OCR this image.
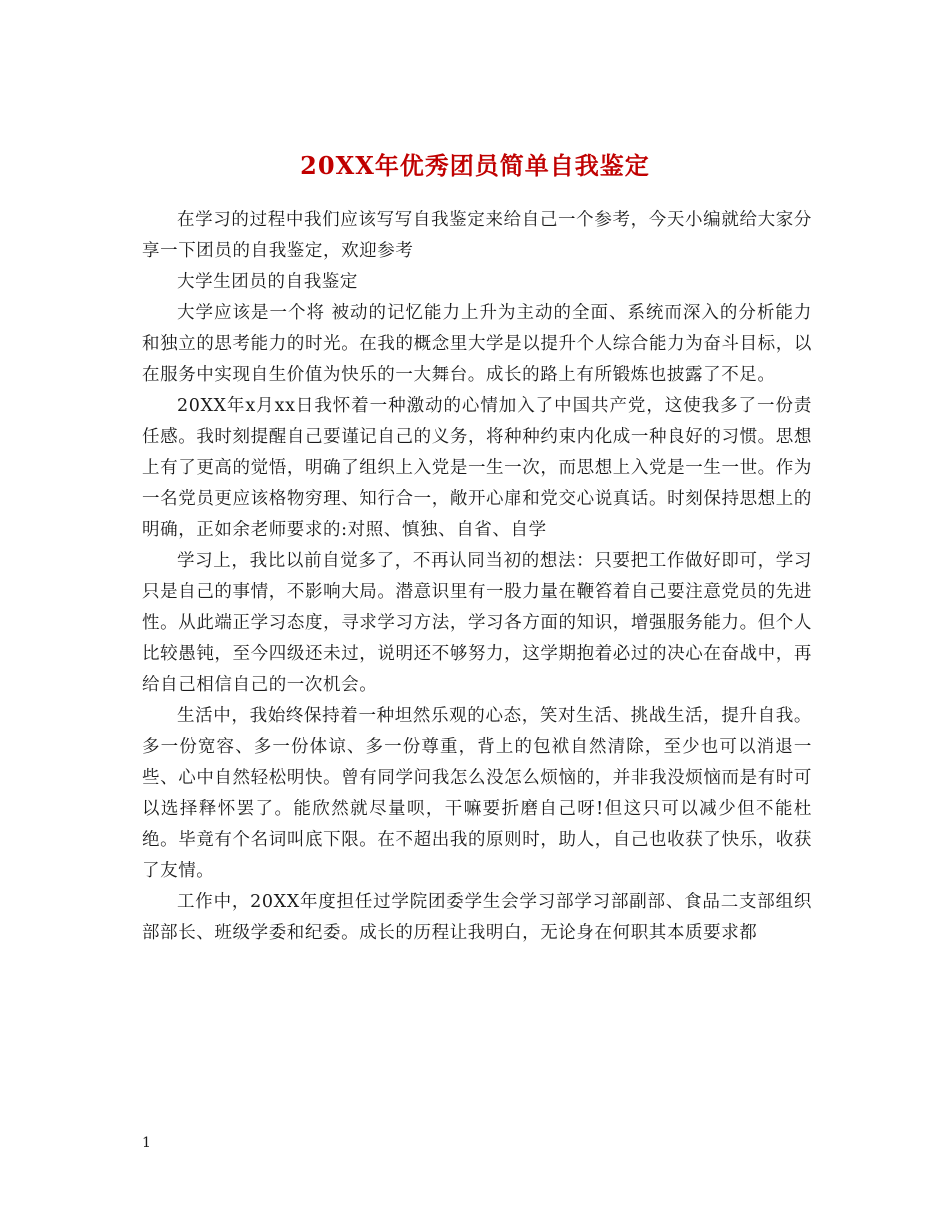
20XX年优秀团员简单自我鉴定

在学习的过程中我们应该写写自我鉴定来给自己一个参考，今天小编就给大家分享一下团员的自我鉴定，欢迎参考

大学生团员的自我鉴定

大学应该是一个将 被动的记忆能力上升为主动的全面、系统而深入的分析能力和独立的思考能力的时光。在我的概念里大学是以提升个人综合能力为奋斗目标，以在服务中实现自生价值为快乐的一大舞台。成长的路上有所锻炼也披露了不足。

20XX年x月xx日我怀着一种激动的心情加入了中国共产党，这使我多了一份责任感。我时刻提醒自己要谨记自己的义务，将种种约束内化成一种良好的习惯。思想上有了更高的觉悟，明确了组织上入党是一生一次，而思想上入党是一生一世。作为一名党员更应该格物穷理、知行合一，敞开心扉和党交心说真话。时刻保持思想上的明确，正如余老师要求的:对照、慎独、自省、自学

学习上，我比以前自觉多了，不再认同当初的想法：只要把工作做好即可，学习只是自己的事情，不影响大局。潜意识里有一股力量在鞭笞着自己要注意党员的先进性。从此端正学习态度，寻求学习方法，学习各方面的知识，增强服务能力。但个人比较愚钝，至今四级还未过，说明还不够努力，这学期抱着必过的决心在奋战中，再给自己相信自己的一次机会。

生活中，我始终保持着一种坦然乐观的心态，笑对生活、挑战生活，提升自我。多一份宽容、多一份体谅、多一份尊重，背上的包袱自然清除，至少也可以消退一些、心中自然轻松明快。曾有同学问我怎么没怎么烦恼的，并非我没烦恼而是有时可以选择释怀罢了。能欣然就尽量呗，干嘛要折磨自己呀!但这只可以减少但不能杜绝。毕竟有个名词叫底下限。在不超出我的原则时，助人，自己也收获了快乐，收获了友情。

工作中，20XX年度担任过学院团委学生会学习部学习部副部、食品二支部组织部部长、班级学委和纪委。成长的历程让我明白，无论身在何职其本质要求都

1
